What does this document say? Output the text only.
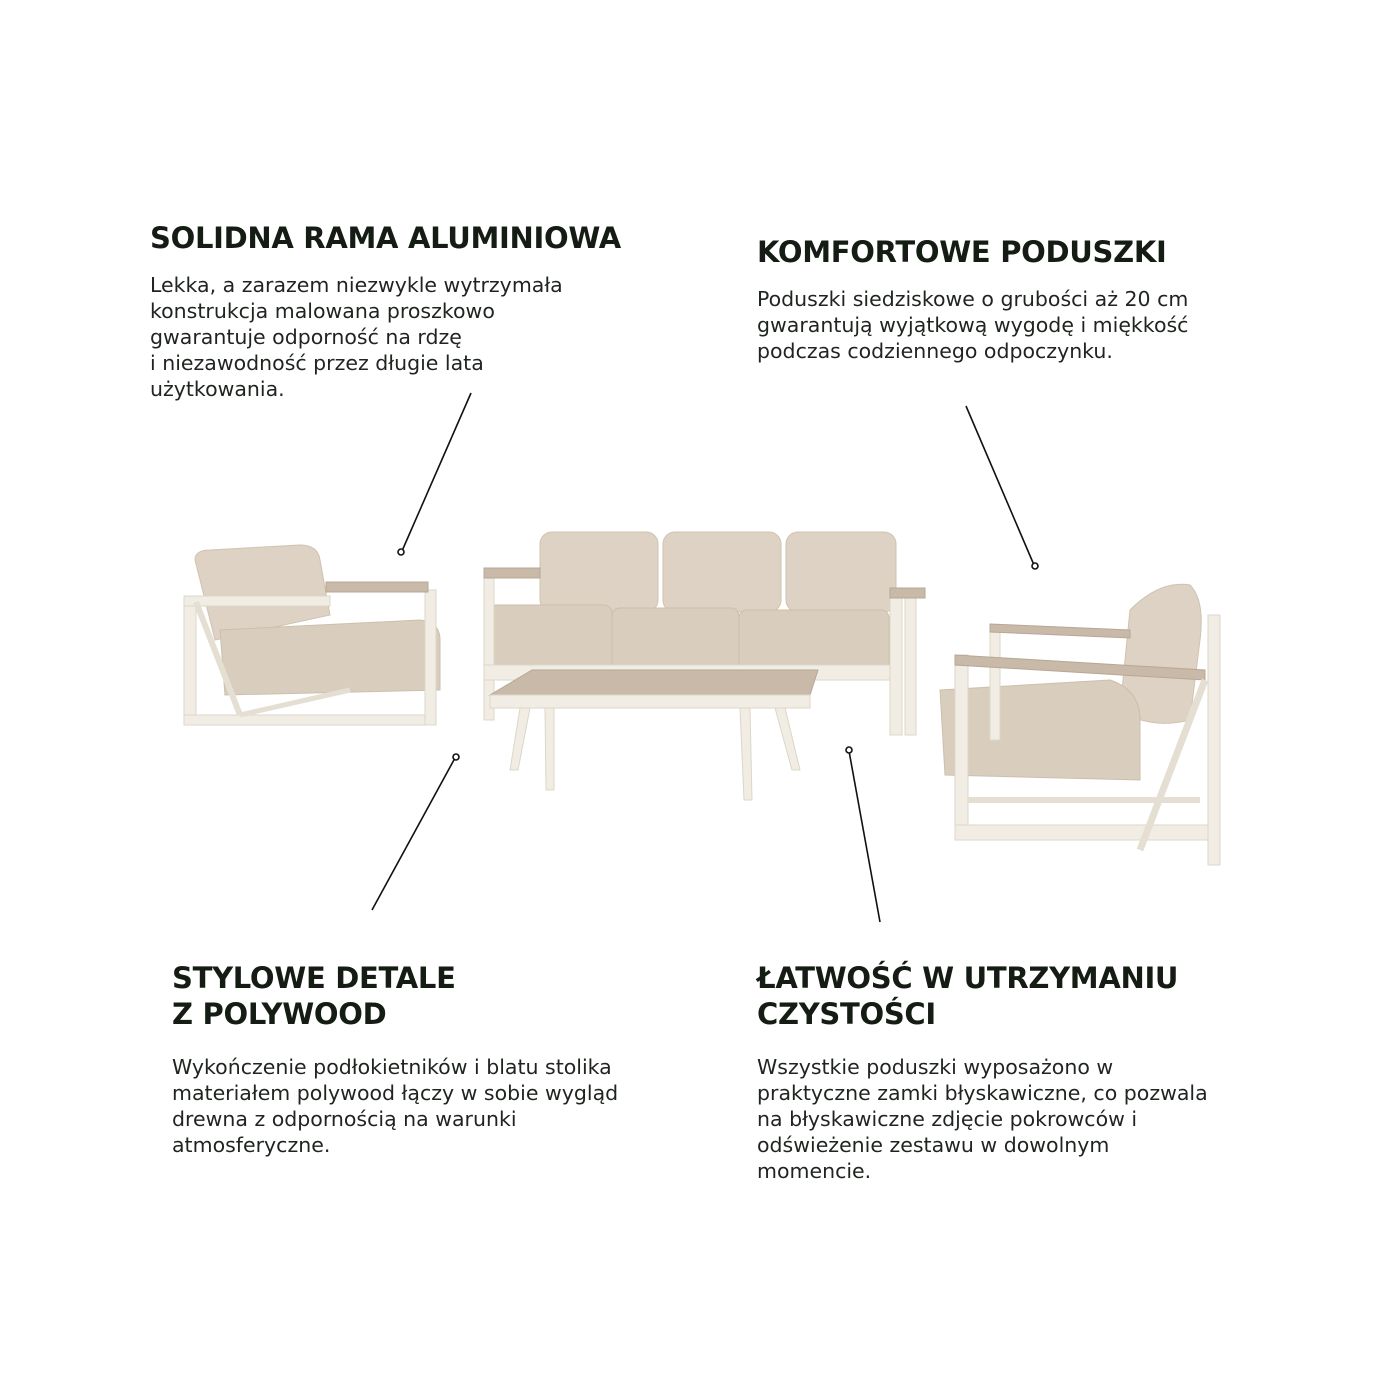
SOLIDNA RAMA ALUMINIOWA

Lekka, a zarazem niezwykle wytrzymała
konstrukcja malowana proszkowo
gwarantuje odporność na rdzę
i niezawodność przez długie lata
użytkowania.

KOMFORTOWE PODUSZKI

Poduszki siedziskowe o grubości aż 20 cm
gwarantują wyjątkową wygodę i miękkość
podczas codziennego odpoczynku.

STYLOWE DETALE
Z POLYWOOD

Wykończenie podłokietników i blatu stolika
materiałem polywood łączy w sobie wygląd
drewna z odpornością na warunki
atmosferyczne.

ŁATWOŚĆ W UTRZYMANIU
CZYSTOŚCI

Wszystkie poduszki wyposażono w
praktyczne zamki błyskawiczne, co pozwala
na błyskawiczne zdjęcie pokrowców i
odświeżenie zestawu w dowolnym
momencie.
